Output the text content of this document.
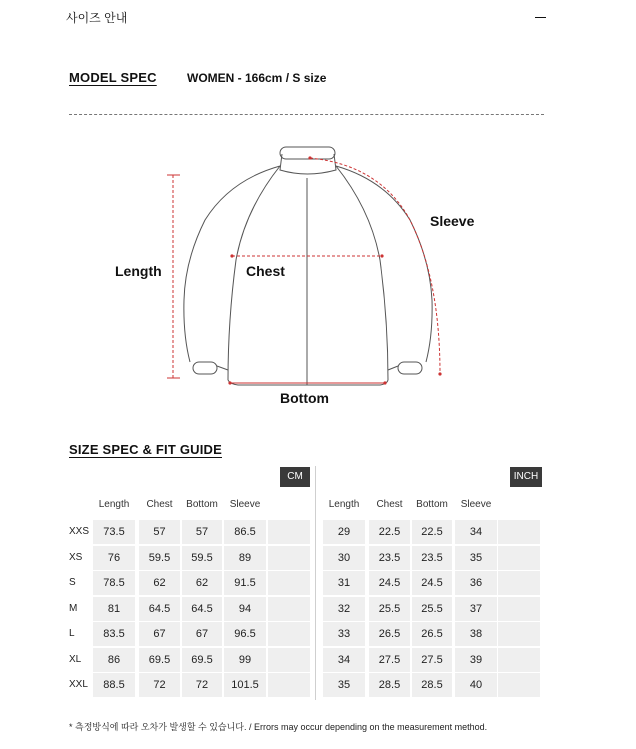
사이즈 안내
MODEL SPEC	WOMEN - 166cm / S size
Length	Chest
Sleeve
Bottom
SIZE SPEC & FIT GUIDE
CM	INCH
Length	Chest	Bottom	Sleeve
XXS	73.5	57	57	86.5
XS	76	59.5	59.5	89
S	78.5	62	62	91.5
M	81	64.5	64.5	94
L	83.5	67	67	96.5
XL	86	69.5	69.5	99
XXL	88.5	72	72	101.5
Length	Chest	Bottom	Sleeve
29	22.5	22.5	34
30	23.5	23.5	35
31	24.5	24.5	36
32	25.5	25.5	37
33	26.5	26.5	38
34	27.5	27.5	39
35	28.5	28.5	40
* 측정방식에 따라 오차가 발생할 수 있습니다. / Errors may occur depending on the measurement method.
